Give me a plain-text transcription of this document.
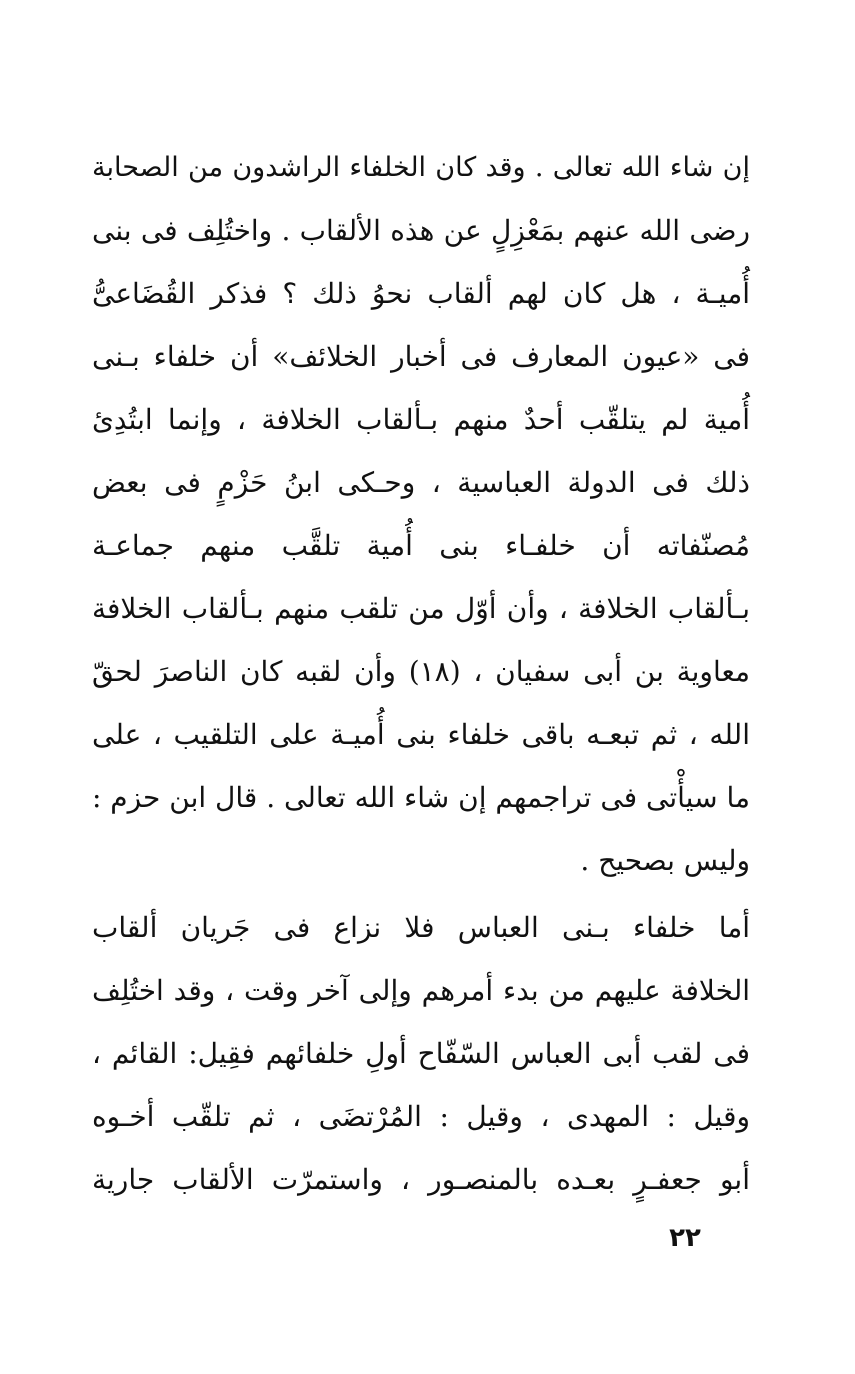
إن شاء الله تعالى . وقد كان الخلفاء الراشدون من الصحابة
رضى الله عنهم بمَعْزِلٍ عن هذه الألقاب . واختُلِف فى بنى
أُميـة ، هل كان لهم ألقاب نحوُ ذلك ؟ فذكر القُضَاعىُّ
فى «عيون المعارف فى أخبار الخلائف» أن خلفاء بـنى
أُمية لم يتلقّب أحدٌ منهم بـألقاب الخلافة ، وإنما ابتُدِئ
ذلك فى الدولة العباسية ، وحـكى ابنُ حَزْمٍ فى بعض
مُصنّفاته أن خلفـاء بنى أُمية تلقَّب منهم جماعـة
بـألقاب الخلافة ، وأن أوّل من تلقب منهم بـألقاب الخلافة
معاوية بن أبى سفيان ، (١٨) وأن لقبه كان الناصرَ لحقّ
الله ، ثم تبعـه باقى خلفاء بنى أُميـة على التلقيب ، على
ما سيأْتى فى تراجمهم إن شاء الله تعالى . قال ابن حزم :
وليس بصحيح .
أما خلفاء بـنى العباس فلا نزاع فى جَريان ألقاب
الخلافة عليهم من بدء أمرهم وإلى آخر وقت ، وقد اختُلِف
فى لقب أبى العباس السّفّاح أولِ خلفائهم فقِيل: القائم ،
وقيل : المهدى ، وقيل : المُرْتضَى ، ثم تلقّب أخـوه
أبو جعفـرٍ بعـده بالمنصـور ، واستمرّت الألقاب جارية
٢٢
